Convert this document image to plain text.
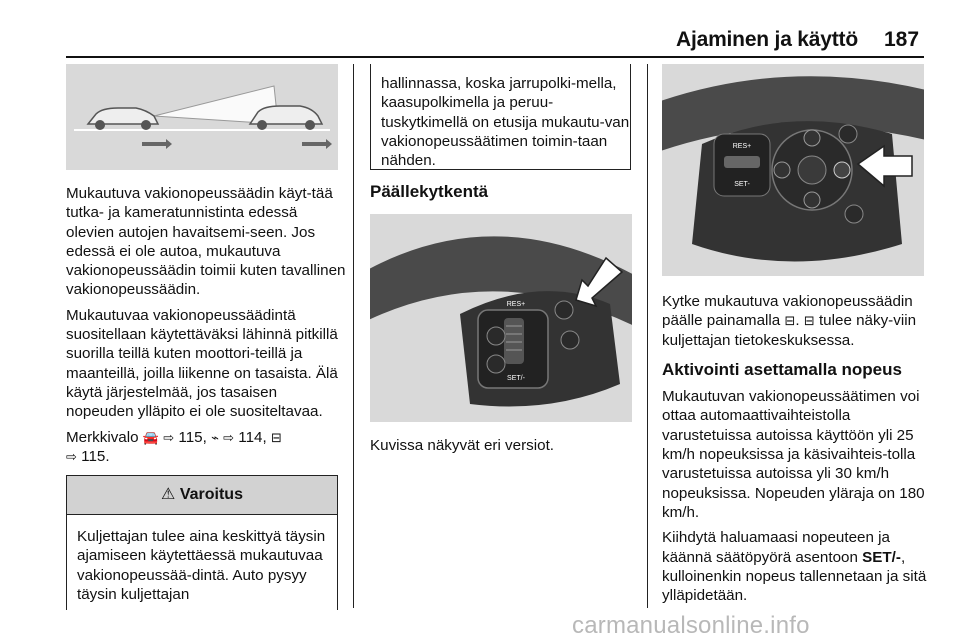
Ajaminen ja käyttö 187

Mukautuva vakionopeussäädin käyt-tää tutka- ja kameratunnistinta edessä olevien autojen havaitsemi-seen. Jos edessä ei ole autoa, mukautuva vakionopeussäädin toimii kuten tavallinen vakionopeussäädin.

Mukautuvaa vakionopeussäädintä suositellaan käytettäväksi lähinnä pitkillä suorilla teillä kuten moottori-teillä ja maanteillä, joilla liikenne on tasaista. Älä käytä järjestelmää, jos tasaisen nopeuden ylläpito ei ole suositeltavaa.

Merkkivalo 🚘 ⇨ 115, ⌁ ⇨ 114, ⊟
⇨ 115.

⚠ Varoitus
Kuljettajan tulee aina keskittyä täysin ajamiseen käytettäessä mukautuvaa vakionopeussää-dintä. Auto pysyy täysin kuljettajan
hallinnassa, koska jarrupolki-mella, kaasupolkimella ja peruu-tuskytkimellä on etusija mukautu-van vakionopeussäätimen toimin-taan nähden.
Päällekytkentä
RES+
SET/-
Kuvissa näkyvät eri versiot.
RES+
SET-

Kytke mukautuva vakionopeussäädin päälle painamalla ⊟. ⊟ tulee näky-viin kuljettajan tietokeskuksessa.

Aktivointi asettamalla nopeus

Mukautuvan vakionopeussäätimen voi ottaa automaattivaihteistolla varustetuissa autoissa käyttöön yli 25 km/h nopeuksissa ja käsivaihteis-tolla varustetuissa autoissa yli 30 km/h nopeuksissa. Nopeuden yläraja on 180 km/h.

Kiihdytä haluamaasi nopeuteen ja käännä säätöpyörä asentoon SET/-, kulloinenkin nopeus tallennetaan ja sitä ylläpidetään.

carmanualsonline.info
